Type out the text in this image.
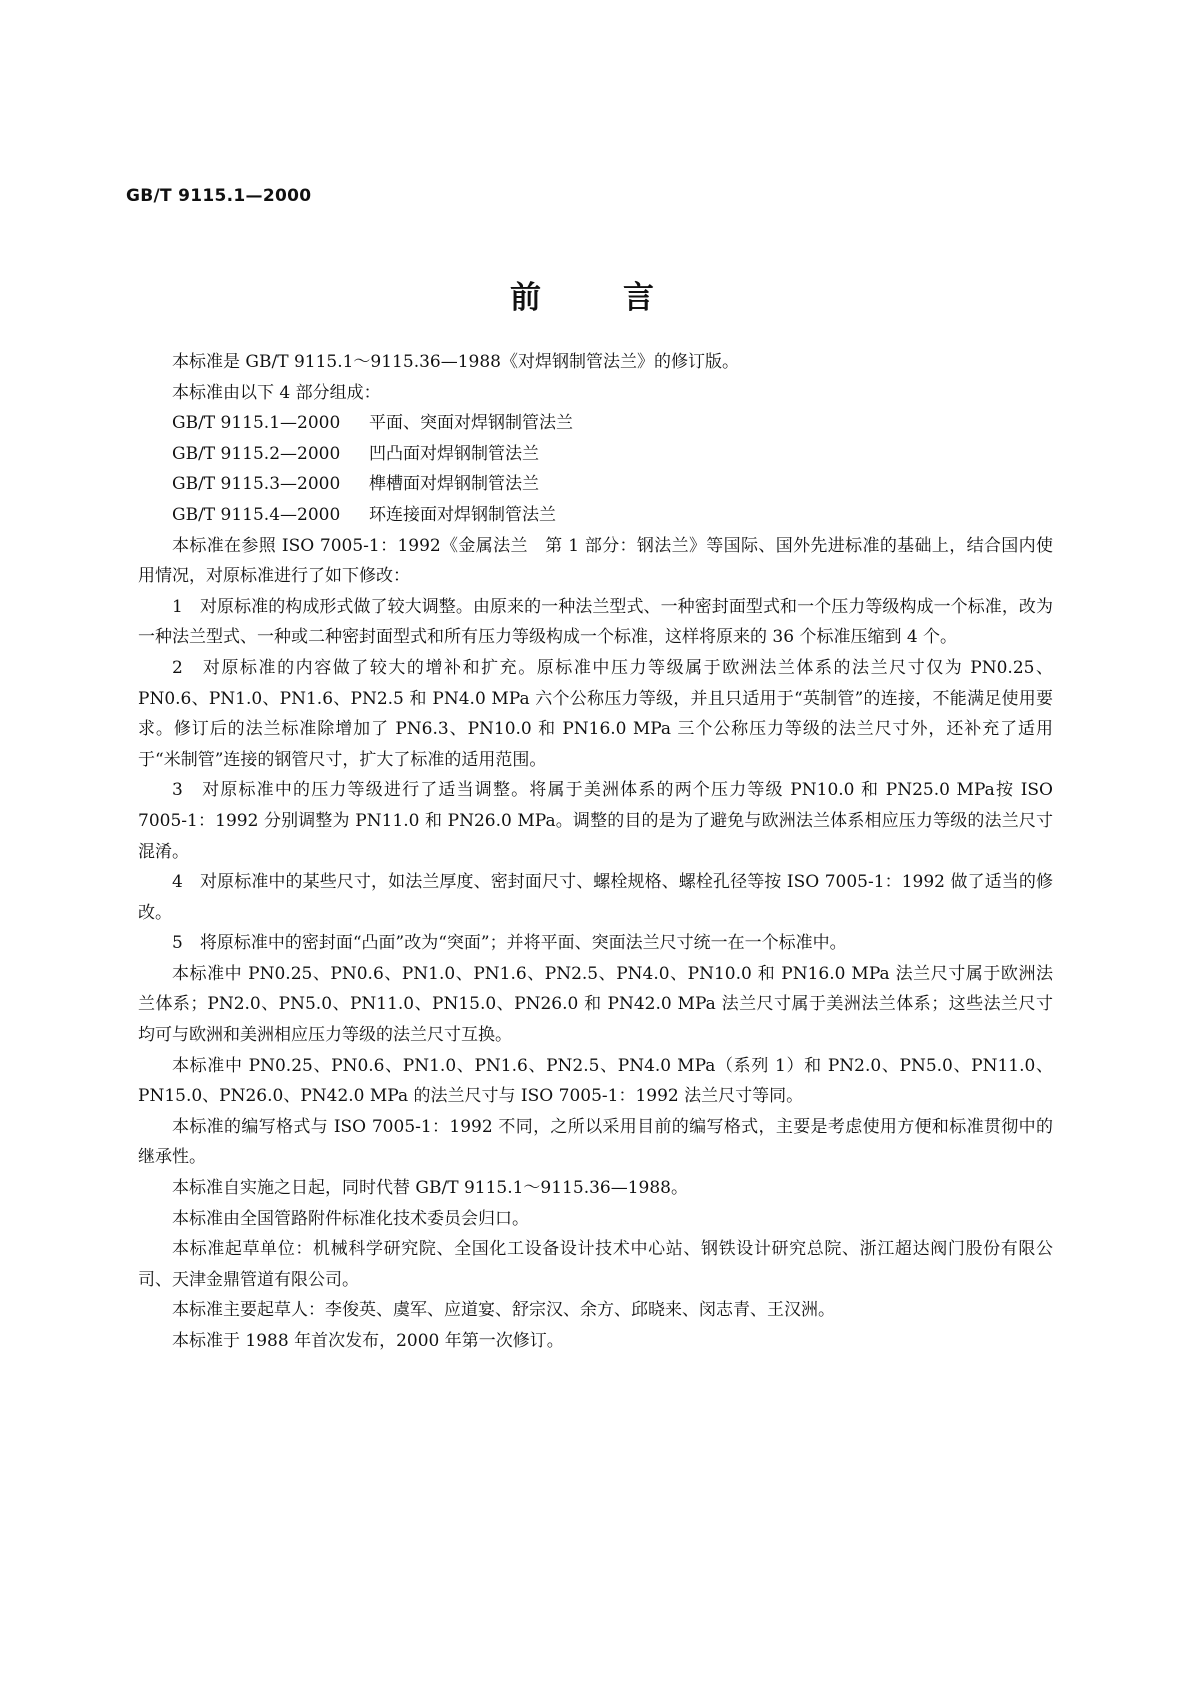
GB/T 9115.1—2000
前言

本标准是 GB/T 9115.1～9115.36—1988《对焊钢制管法兰》的修订版。

本标准由以下 4 部分组成：

GB/T 9115.1—2000 平面、突面对焊钢制管法兰
GB/T 9115.2—2000 凹凸面对焊钢制管法兰
GB/T 9115.3—2000 榫槽面对焊钢制管法兰
GB/T 9115.4—2000 环连接面对焊钢制管法兰

本标准在参照 ISO 7005-1：1992《金属法兰　第 1 部分：钢法兰》等国际、国外先进标准的基础上，结合国内使用情况，对原标准进行了如下修改：

1　对原标准的构成形式做了较大调整。由原来的一种法兰型式、一种密封面型式和一个压力等级构成一个标准，改为一种法兰型式、一种或二种密封面型式和所有压力等级构成一个标准，这样将原来的 36 个标准压缩到 4 个。

2　对原标准的内容做了较大的增补和扩充。原标准中压力等级属于欧洲法兰体系的法兰尺寸仅为 PN0.25、PN0.6、PN1.0、PN1.6、PN2.5 和 PN4.0 MPa 六个公称压力等级，并且只适用于“英制管”的连接，不能满足使用要求。修订后的法兰标准除增加了 PN6.3、PN10.0 和 PN16.0 MPa 三个公称压力等级的法兰尺寸外，还补充了适用于“米制管”连接的钢管尺寸，扩大了标准的适用范围。

3　对原标准中的压力等级进行了适当调整。将属于美洲体系的两个压力等级 PN10.0 和 PN25.0 MPa按 ISO 7005-1：1992 分别调整为 PN11.0 和 PN26.0 MPa。调整的目的是为了避免与欧洲法兰体系相应压力等级的法兰尺寸混淆。

4　对原标准中的某些尺寸，如法兰厚度、密封面尺寸、螺栓规格、螺栓孔径等按 ISO 7005-1：1992 做了适当的修改。

5　将原标准中的密封面“凸面”改为“突面”；并将平面、突面法兰尺寸统一在一个标准中。

本标准中 PN0.25、PN0.6、PN1.0、PN1.6、PN2.5、PN4.0、PN10.0 和 PN16.0 MPa 法兰尺寸属于欧洲法兰体系；PN2.0、PN5.0、PN11.0、PN15.0、PN26.0 和 PN42.0 MPa 法兰尺寸属于美洲法兰体系；这些法兰尺寸均可与欧洲和美洲相应压力等级的法兰尺寸互换。

本标准中 PN0.25、PN0.6、PN1.0、PN1.6、PN2.5、PN4.0 MPa（系列 1）和 PN2.0、PN5.0、PN11.0、PN15.0、PN26.0、PN42.0 MPa 的法兰尺寸与 ISO 7005-1：1992 法兰尺寸等同。

本标准的编写格式与 ISO 7005-1：1992 不同，之所以采用目前的编写格式，主要是考虑使用方便和标准贯彻中的继承性。

本标准自实施之日起，同时代替 GB/T 9115.1～9115.36—1988。

本标准由全国管路附件标准化技术委员会归口。

本标准起草单位：机械科学研究院、全国化工设备设计技术中心站、钢铁设计研究总院、浙江超达阀门股份有限公司、天津金鼎管道有限公司。

本标准主要起草人：李俊英、虞军、应道宴、舒宗汉、余方、邱晓来、闵志青、王汉洲。

本标准于 1988 年首次发布，2000 年第一次修订。
